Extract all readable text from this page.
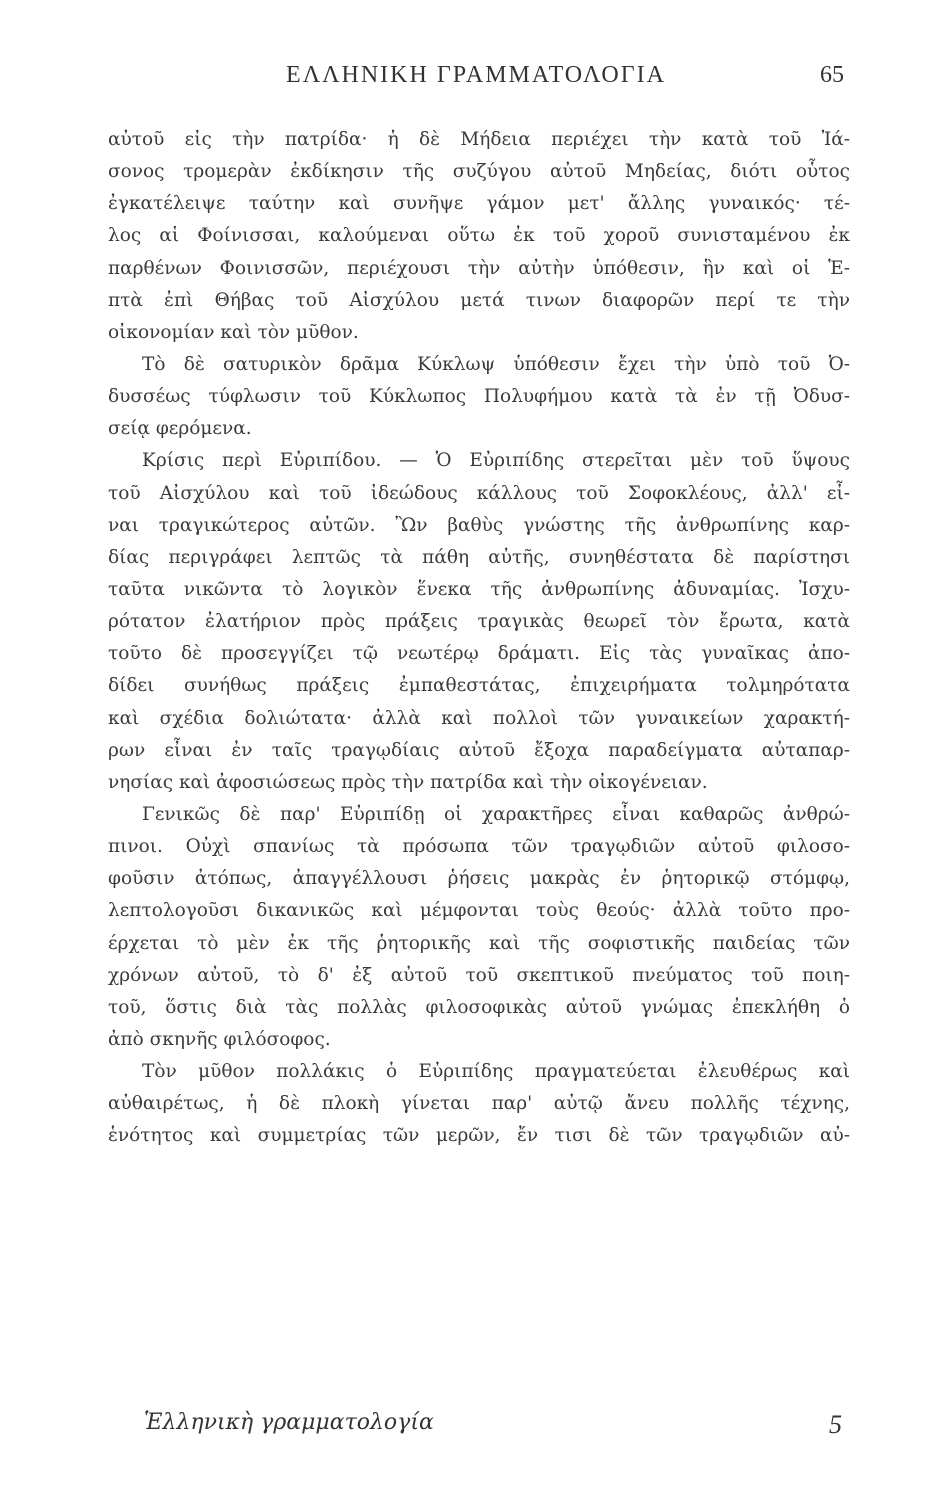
ΕΛΛΗΝΙΚΗ ΓΡΑΜΜΑΤΟΛΟΓΙΑ	65
αὐτοῦ εἰς τὴν πατρίδα· ἡ δὲ Μήδεια περιέχει τὴν κατὰ τοῦ Ἰά-
σονος τρομερὰν ἐκδίκησιν τῆς συζύγου αὐτοῦ Μηδείας, διότι οὗτος
ἐγκατέλειψε ταύτην καὶ συνῆψε γάμον μετ' ἄλλης γυναικός· τέ-
λος αἱ Φοίνισσαι, καλούμεναι οὕτω ἐκ τοῦ χοροῦ συνισταμένου ἐκ
παρθένων Φοινισσῶν, περιέχουσι τὴν αὐτὴν ὑπόθεσιν, ἣν καὶ οἱ Ἑ-
πτὰ ἐπὶ Θήβας τοῦ Αἰσχύλου μετά τινων διαφορῶν περί τε τὴν
οἰκονομίαν καὶ τὸν μῦθον.
Τὸ δὲ σατυρικὸν δρᾶμα Κύκλωψ ὑπόθεσιν ἔχει τὴν ὑπὸ τοῦ Ὀ-
δυσσέως τύφλωσιν τοῦ Κύκλωπος Πολυφήμου κατὰ τὰ ἐν τῇ Ὀδυσ-
σείᾳ φερόμενα.
Κρίσις περὶ Εὐριπίδου. — Ὁ Εὐριπίδης στερεῖται μὲν τοῦ ὕψους
τοῦ Αἰσχύλου καὶ τοῦ ἰδεώδους κάλλους τοῦ Σοφοκλέους, ἀλλ' εἶ-
ναι τραγικώτερος αὐτῶν. Ὢν βαθὺς γνώστης τῆς ἀνθρωπίνης καρ-
δίας περιγράφει λεπτῶς τὰ πάθη αὐτῆς, συνηθέστατα δὲ παρίστησι
ταῦτα νικῶντα τὸ λογικὸν ἕνεκα τῆς ἀνθρωπίνης ἀδυναμίας. Ἰσχυ-
ρότατον ἐλατήριον πρὸς πράξεις τραγικὰς θεωρεῖ τὸν ἔρωτα, κατὰ
τοῦτο δὲ προσεγγίζει τῷ νεωτέρῳ δράματι. Εἰς τὰς γυναῖκας ἀπο-
δίδει συνήθως πράξεις ἐμπαθεστάτας, ἐπιχειρήματα τολμηρότατα
καὶ σχέδια δολιώτατα· ἀλλὰ καὶ πολλοὶ τῶν γυναικείων χαρακτή-
ρων εἶναι ἐν ταῖς τραγῳδίαις αὐτοῦ ἔξοχα παραδείγματα αὐταπαρ-
νησίας καὶ ἀφοσιώσεως πρὸς τὴν πατρίδα καὶ τὴν οἰκογένειαν.
Γενικῶς δὲ παρ' Εὐριπίδῃ οἱ χαρακτῆρες εἶναι καθαρῶς ἀνθρώ-
πινοι. Οὐχὶ σπανίως τὰ πρόσωπα τῶν τραγῳδιῶν αὐτοῦ φιλοσο-
φοῦσιν ἀτόπως, ἀπαγγέλλουσι ῥήσεις μακρὰς ἐν ῥητορικῷ στόμφῳ,
λεπτολογοῦσι δικανικῶς καὶ μέμφονται τοὺς θεούς· ἀλλὰ τοῦτο προ-
έρχεται τὸ μὲν ἐκ τῆς ῥητορικῆς καὶ τῆς σοφιστικῆς παιδείας τῶν
χρόνων αὐτοῦ, τὸ δ' ἐξ αὐτοῦ τοῦ σκεπτικοῦ πνεύματος τοῦ ποιη-
τοῦ, ὅστις διὰ τὰς πολλὰς φιλοσοφικὰς αὐτοῦ γνώμας ἐπεκλήθη ὁ
ἀπὸ σκηνῆς φιλόσοφος.
Τὸν μῦθον πολλάκις ὁ Εὐριπίδης πραγματεύεται ἐλευθέρως καὶ
αὐθαιρέτως, ἡ δὲ πλοκὴ γίνεται παρ' αὐτῷ ἄνευ πολλῆς τέχνης,
ἑνότητος καὶ συμμετρίας τῶν μερῶν, ἔν τισι δὲ τῶν τραγῳδιῶν αὐ-
Ἑλληνικὴ γραμματολογία	5
